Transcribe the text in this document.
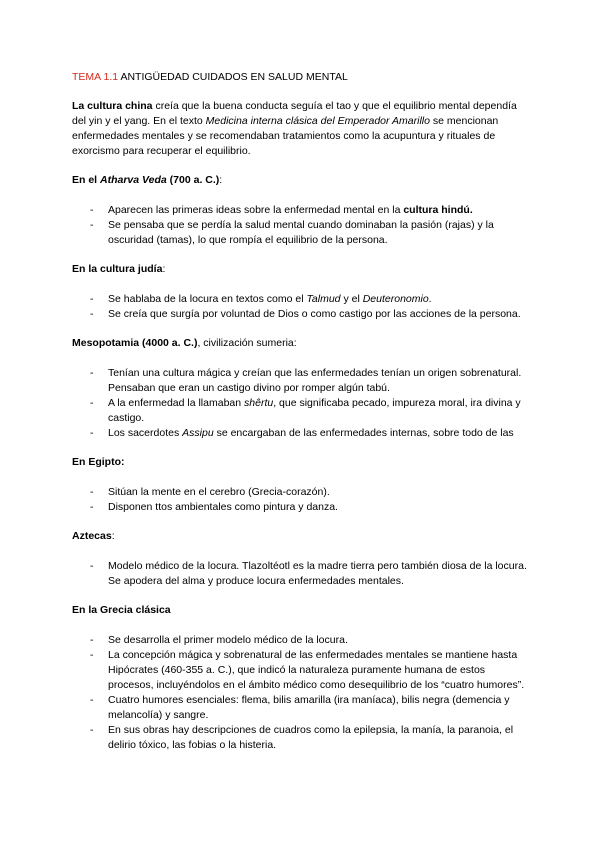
TEMA 1.1 ANTIGÜEDAD CUIDADOS EN SALUD MENTAL

La cultura china creía que la buena conducta seguía el tao y que el equilibrio mental dependía del yin y el yang. En el texto Medicina interna clásica del Emperador Amarillo se mencionan enfermedades mentales y se recomendaban tratamientos como la acupuntura y rituales de exorcismo para recuperar el equilibrio.

En el Atharva Veda (700 a. C.):

- Aparecen las primeras ideas sobre la enfermedad mental en la cultura hindú.
- Se pensaba que se perdía la salud mental cuando dominaban la pasión (rajas) y la oscuridad (tamas), lo que rompía el equilibrio de la persona.

En la cultura judía:

- Se hablaba de la locura en textos como el Talmud y el Deuteronomio.
- Se creía que surgía por voluntad de Dios o como castigo por las acciones de la persona.

Mesopotamia (4000 a. C.), civilización sumeria:

- Tenían una cultura mágica y creían que las enfermedades tenían un origen sobrenatural. Pensaban que eran un castigo divino por romper algún tabú.
- A la enfermedad la llamaban shêrtu, que significaba pecado, impureza moral, ira divina y castigo.
- Los sacerdotes Assipu se encargaban de las enfermedades internas, sobre todo de las

En Egipto:

- Sitúan la mente en el cerebro (Grecia-corazón).
- Disponen ttos ambientales como pintura y danza.

Aztecas:

- Modelo médico de la locura. Tlazoltéotl es la madre tierra pero también diosa de la locura. Se apodera del alma y produce locura enfermedades mentales.

En la Grecia clásica

- Se desarrolla el primer modelo médico de la locura.
- La concepción mágica y sobrenatural de las enfermedades mentales se mantiene hasta Hipócrates (460-355 a. C.), que indicó la naturaleza puramente humana de estos procesos, incluyéndolos en el ámbito médico como desequilibrio de los “cuatro humores”.
- Cuatro humores esenciales: flema, bilis amarilla (ira maníaca), bilis negra (demencia y melancolía) y sangre.
- En sus obras hay descripciones de cuadros como la epilepsia, la manía, la paranoia, el delirio tóxico, las fobias o la histeria.
